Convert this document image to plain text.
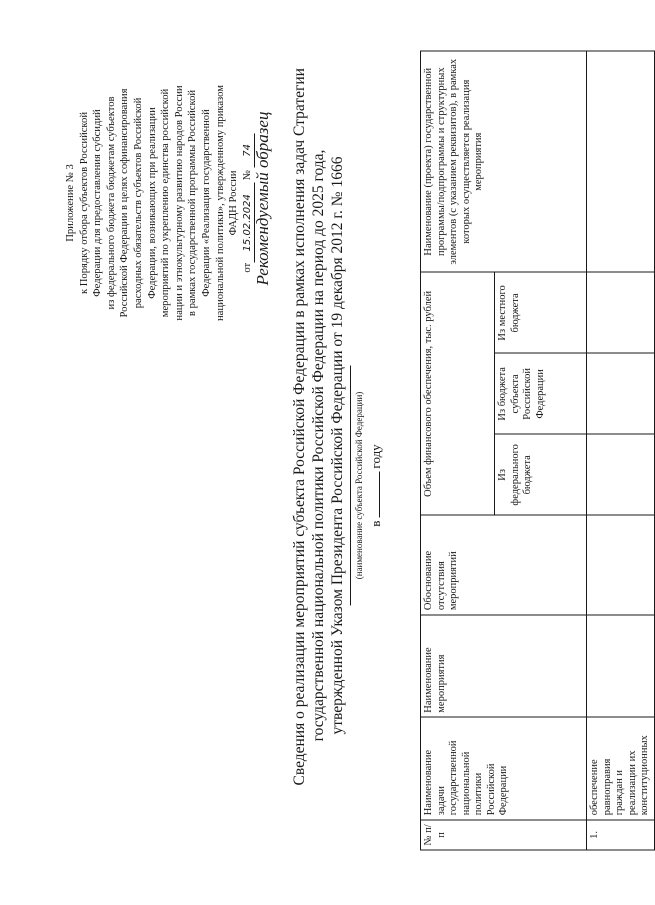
Приложение № 3 к Порядку отбора субъектов Российской Федерации для предоставления субсидий из федерального бюджета бюджетам субъектов Российской Федерации в целях софинансирования расходных обязательств субъектов Российской Федерации, возникающих при реализации мероприятий по укреплению единства российской нации и этнокультурному развитию народов России в рамках государственной программы Российской Федерации «Реализация государственной национальной политики», утвержденному приказом ФАДН России
от15.02.2024 № 74 Рекомендуемый образец Сведения о реализации мероприятий субъекта Российской Федерации в рамках исполнения задач Стратегии государственной национальной политики Российской Федерации на период до 2025 года, утвержденной Указом Президента Российской Федерации от 19 декабря 2012 г. № 1666 (наименование субъекта Российской Федерации) вгоду
№ п/п	Наименование задачи государственной национальной политики Российской Федерации	Наименование мероприятия	Обоснование отсутствия мероприятий	Объем финансового обеспечения, тыс. рублей			Наименование (проекта) государственной программы/подпрограммы и структурных элементов (с указанием реквизитов), в рамках которых осуществляется реализация мероприятия
				Из федерального бюджета	Из бюджета субъекта Российской Федерации	Из местного бюджета	
1.	обеспечение равноправия граждан и реализации их конституционных						
